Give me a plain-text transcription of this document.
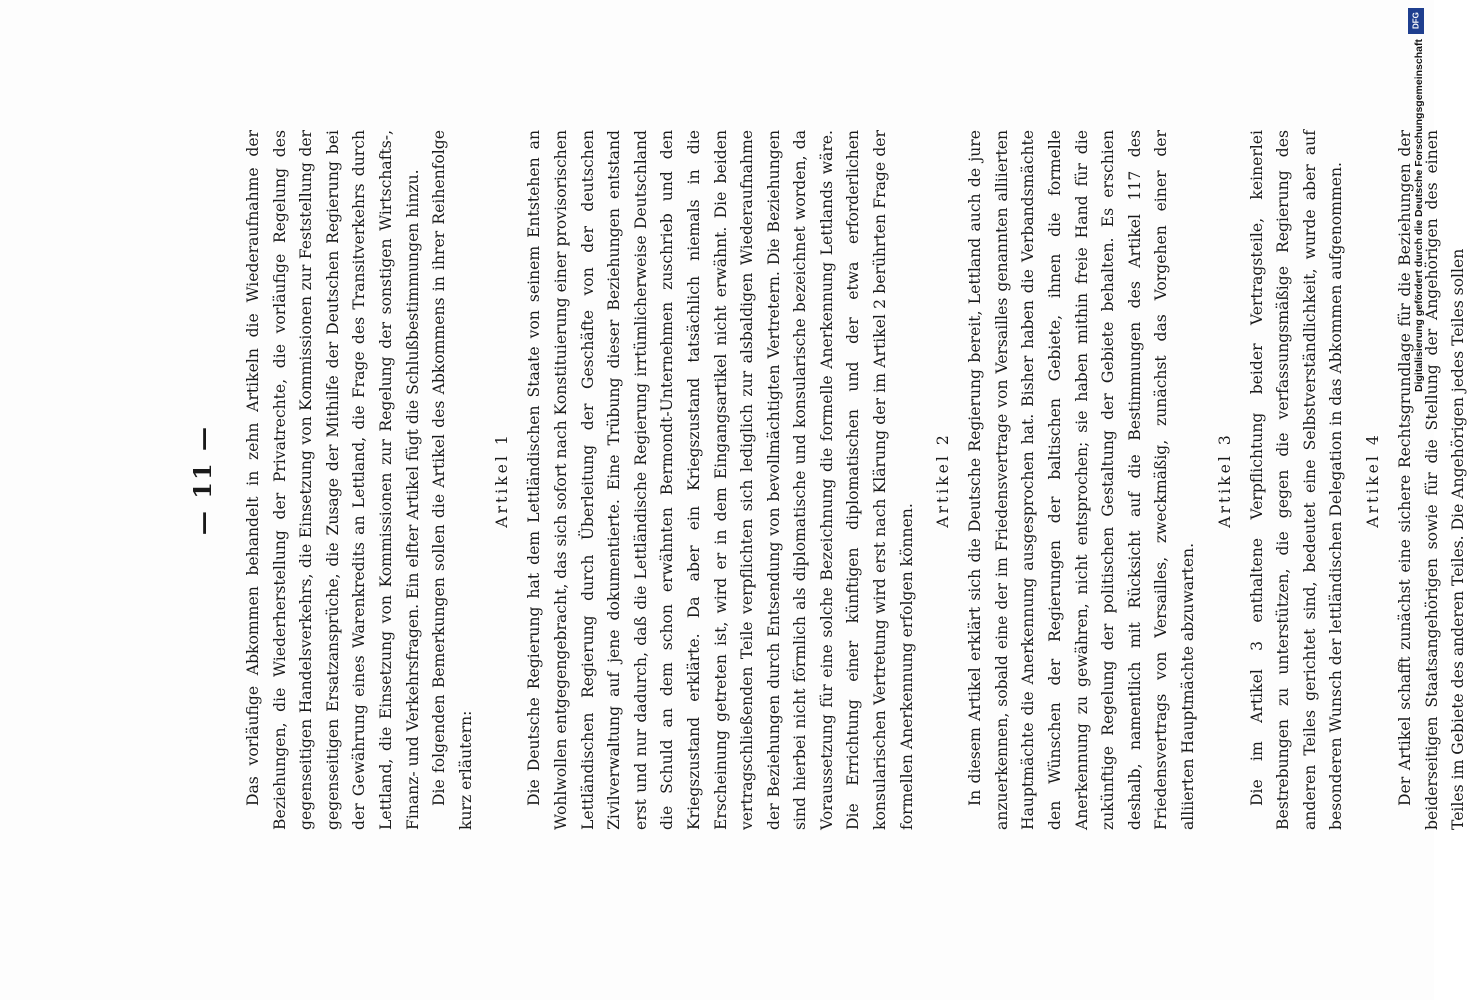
— 11 — Das vorläufige Abkommen behandelt in zehn Artikeln die Wiederaufnahme der Beziehungen, die Wiederherstellung der Privatrechte, die vorläufige Regelung des gegenseitigen Handelsverkehrs, die Einsetzung von Kommissionen zur Feststellung der gegenseitigen Ersatzansprüche, die Zusage der Mithilfe der Deutschen Regierung bei der Gewährung eines Warenkredits an Lettland, die Frage des Transitverkehrs durch Lettland, die Einsetzung von Kommissionen zur Regelung der sonstigen Wirtschafts-, Finanz- und Verkehrsfragen. Ein elfter Artikel fügt die Schlußbestimmungen hinzu. Die folgenden Bemerkungen sollen die Artikel des Abkommens in ihrer Reihenfolge kurz erläutern:

Artikel 1 Die Deutsche Regierung hat dem Lettländischen Staate von seinem Entstehen an Wohlwollen entgegengebracht, das sich sofort nach Konstituierung einer provisorischen Lettländischen Regierung durch Überleitung der Geschäfte von der deutschen Zivilverwaltung auf jene dokumentierte. Eine Trübung dieser Beziehungen entstand erst und nur dadurch, daß die Lettländische Regierung irrtümlicherweise Deutschland die Schuld an dem schon erwähnten Bermondt-Unternehmen zuschrieb und den Kriegszustand erklärte. Da aber ein Kriegszustand tatsächlich niemals in die Erscheinung getreten ist, wird er in dem Eingangsartikel nicht erwähnt. Die beiden vertragschließenden Teile verpflichten sich lediglich zur alsbaldigen Wiederaufnahme der Beziehungen durch Entsendung von bevollmächtigten Vertretern. Die Beziehungen sind hierbei nicht förmlich als diplomatische und konsularische bezeichnet worden, da Voraussetzung für eine solche Bezeichnung die formelle Anerkennung Lettlands wäre. Die Errichtung einer künftigen diplomatischen und der etwa erforderlichen konsularischen Vertretung wird erst nach Klärung der im Artikel 2 berührten Frage der formellen Anerkennung erfolgen können.

Artikel 2 In diesem Artikel erklärt sich die Deutsche Regierung bereit, Lettland auch de jure anzuerkennen, sobald eine der im Friedensvertrage von Versailles genannten alliierten Hauptmächte die Anerkennung ausgesprochen hat. Bisher haben die Verbandsmächte den Wünschen der Regierungen der baltischen Gebiete, ihnen die formelle Anerkennung zu gewähren, nicht entsprochen; sie haben mithin freie Hand für die zukünftige Regelung der politischen Gestaltung der Gebiete behalten. Es erschien deshalb, namentlich mit Rücksicht auf die Bestimmungen des Artikel 117 des Friedensvertrags von Versailles, zweckmäßig, zunächst das Vorgehen einer der alliierten Hauptmächte abzuwarten.

Artikel 3 Die im Artikel 3 enthaltene Verpflichtung beider Vertragsteile, keinerlei Bestrebungen zu unterstützen, die gegen die verfassungsmäßige Regierung des anderen Teiles gerichtet sind, bedeutet eine Selbstverständlichkeit, wurde aber auf besonderen Wunsch der lettländischen Delegation in das Abkommen aufgenommen. Artikel 4 Der Artikel schafft zunächst eine sichere Rechtsgrundlage für die Beziehungen der beiderseitigen Staatsangehörigen sowie für die Stellung der Angehörigen des einen Teiles im Gebiete des anderen Teiles. Die Angehörigen jedes Teiles sollen

DFG
Digitalisierung gefördert durch die Deutsche Forschungsgemeinschaft
